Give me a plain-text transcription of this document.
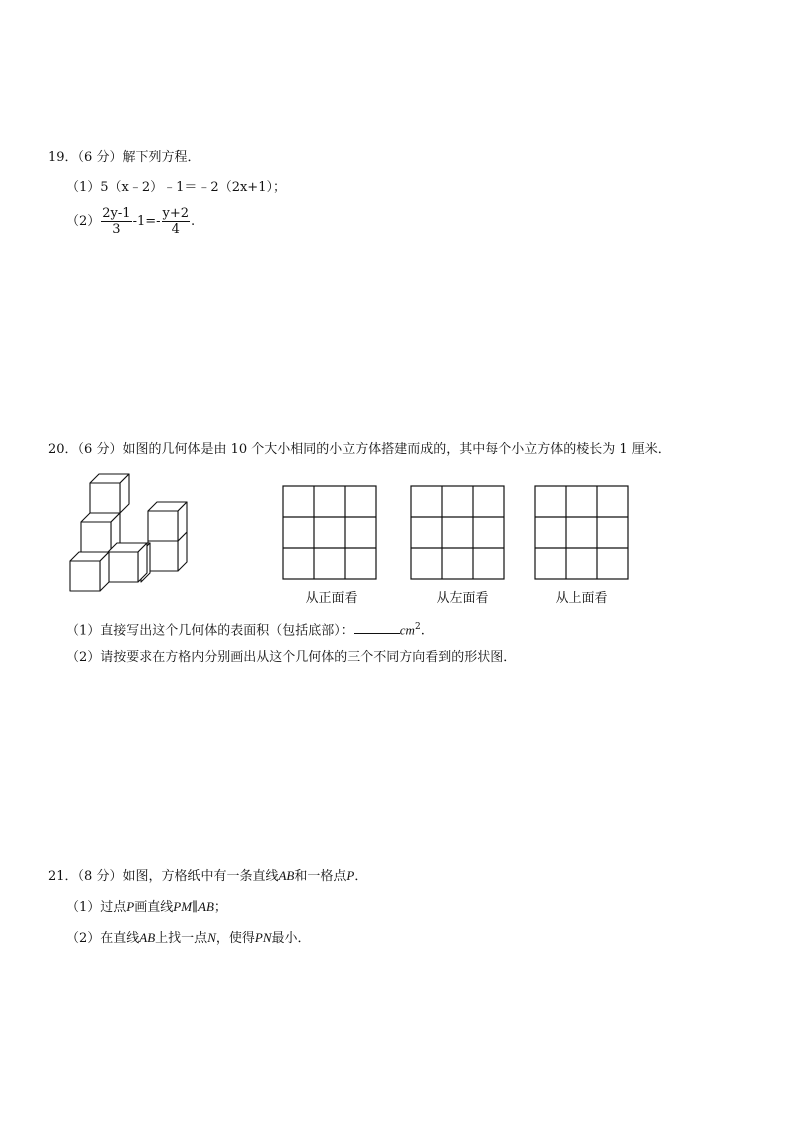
19．（6 分）解下列方程．
（1）5（x﹣2）﹣1＝﹣2（2x+1）；
$(2) \frac{2y-1}{3} -1=- \frac{y+2}{4}$ .
20．（6 分）如图的几何体是由 10 个大小相同的小立方体搭建而成的，其中每个小立方体的棱长为 1 厘米．
从正面看	从左面看	从上面看
（1）直接写出这个几何体的表面积（包括底部）：	$cm^2$.
（2）请按要求在方格内分别画出从这个几何体的三个不同方向看到的形状图．
21．（8 分）如图，方格纸中有一条直线AB和一格点P．
（1）过点P画直线PM∥AB；
（2）在直线AB上找一点N，使得PN最小．
